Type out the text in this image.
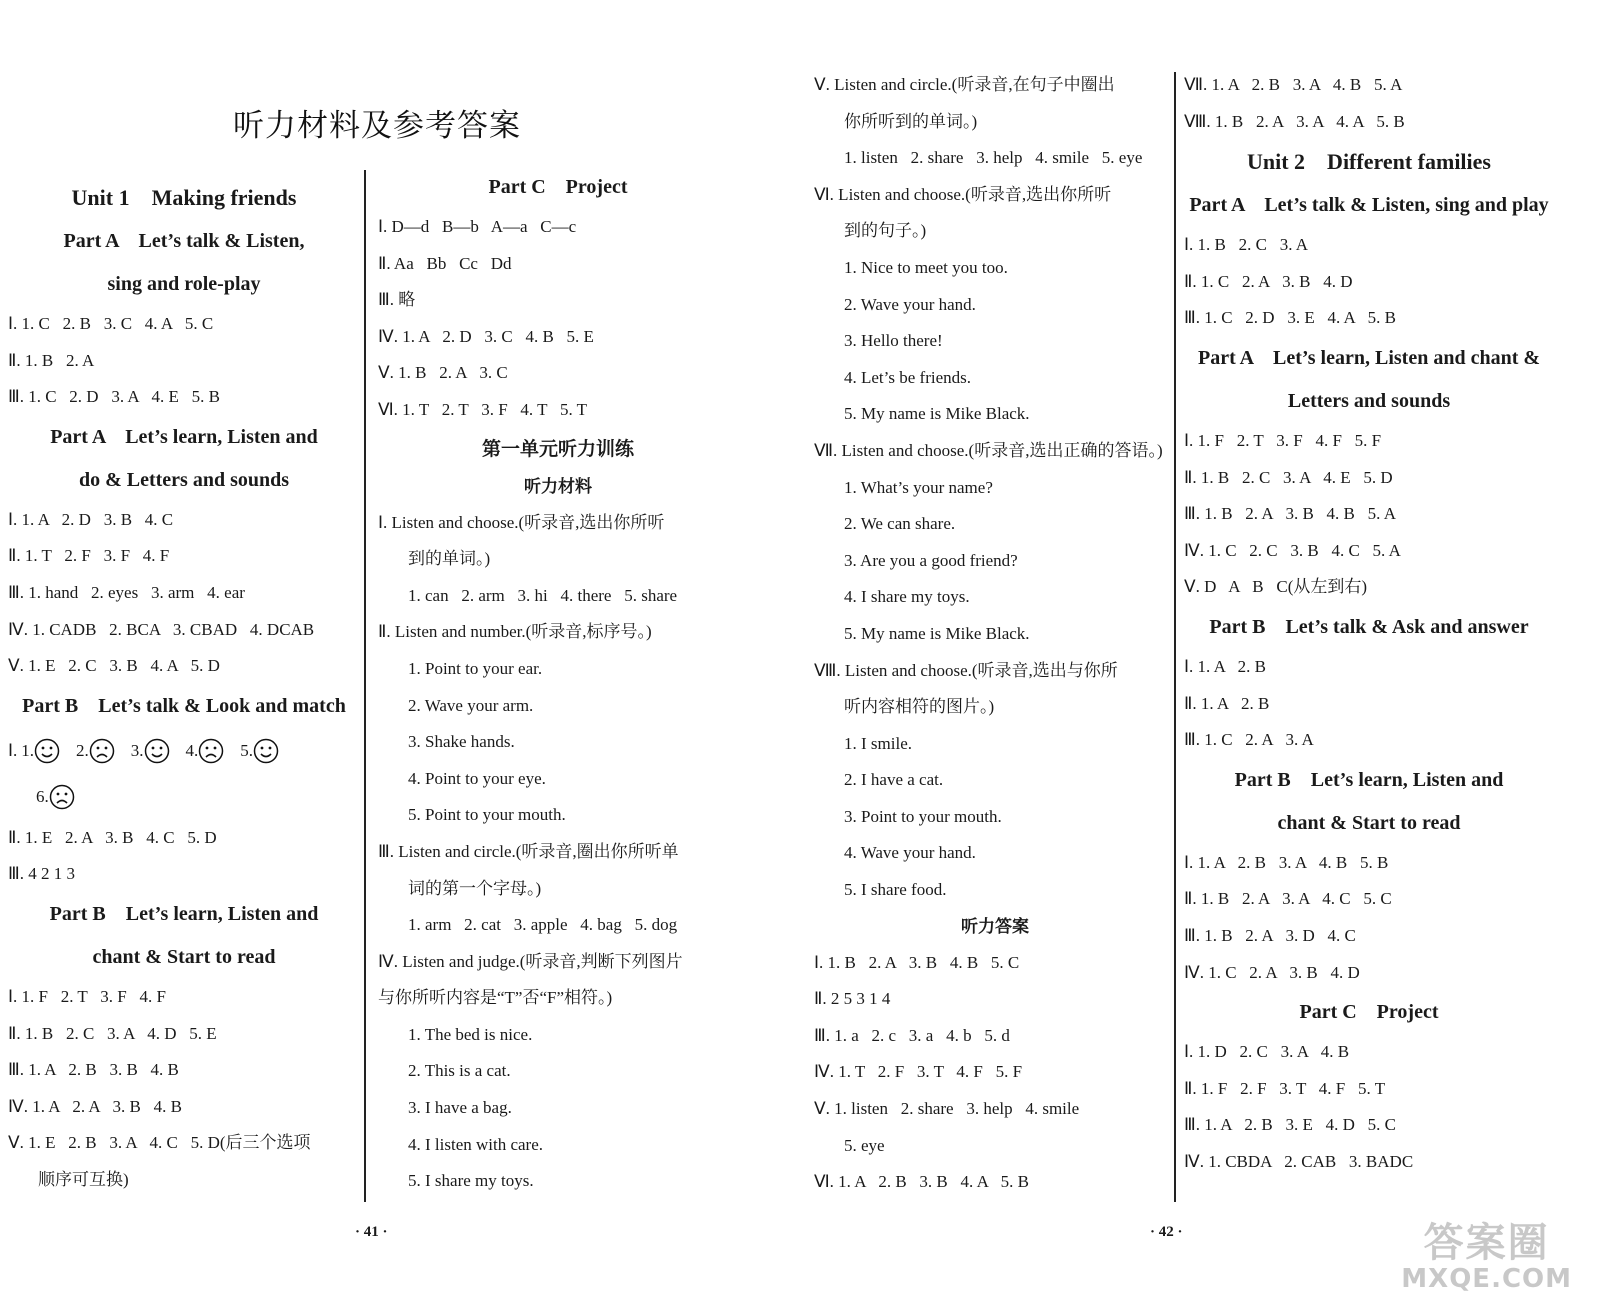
听力材料及参考答案
Unit 1    Making friends
Part A    Let’s talk & Listen,
sing and role-play
Ⅰ. 1. C   2. B   3. C   4. A   5. C
Ⅱ. 1. B   2. A
Ⅲ. 1. C   2. D   3. A   4. E   5. B
Part A    Let’s learn, Listen and
do & Letters and sounds
Ⅰ. 1. A   2. D   3. B   4. C
Ⅱ. 1. T   2. F   3. F   4. F
Ⅲ. 1. hand   2. eyes   3. arm   4. ear
Ⅳ. 1. CADB   2. BCA   3. CBAD   4. DCAB
Ⅴ. 1. E   2. C   3. B   4. A   5. D
Part B    Let’s talk & Look and match
Ⅰ. 1. 2. 3. 4. 5.
6.
Ⅱ. 1. E   2. A   3. B   4. C   5. D
Ⅲ. 4 2 1 3
Part B    Let’s learn, Listen and
chant & Start to read
Ⅰ. 1. F   2. T   3. F   4. F
Ⅱ. 1. B   2. C   3. A   4. D   5. E
Ⅲ. 1. A   2. B   3. B   4. B
Ⅳ. 1. A   2. A   3. B   4. B
Ⅴ. 1. E   2. B   3. A   4. C   5. D(后三个选项
顺序可互换)
Part C    Project
Ⅰ. D—d   B—b   A—a   C—c
Ⅱ. Aa   Bb   Cc   Dd
Ⅲ. 略
Ⅳ. 1. A   2. D   3. C   4. B   5. E
Ⅴ. 1. B   2. A   3. C
Ⅵ. 1. T   2. T   3. F   4. T   5. T
第一单元听力训练
听力材料
Ⅰ. Listen and choose.(听录音,选出你所听
到的单词。)
1. can   2. arm   3. hi   4. there   5. share
Ⅱ. Listen and number.(听录音,标序号。)
1. Point to your ear.
2. Wave your arm.
3. Shake hands.
4. Point to your eye.
5. Point to your mouth.
Ⅲ. Listen and circle.(听录音,圈出你所听单
词的第一个字母。)
1. arm   2. cat   3. apple   4. bag   5. dog
Ⅳ. Listen and judge.(听录音,判断下列图片
与你所听内容是“T”否“F”相符。)
1. The bed is nice.
2. This is a cat.
3. I have a bag.
4. I listen with care.
5. I share my toys.
· 41 ·
Ⅴ. Listen and circle.(听录音,在句子中圈出
你所听到的单词。)
1. listen   2. share   3. help   4. smile   5. eye
Ⅵ. Listen and choose.(听录音,选出你所听
到的句子。)
1. Nice to meet you too.
2. Wave your hand.
3. Hello there!
4. Let’s be friends.
5. My name is Mike Black.
Ⅶ. Listen and choose.(听录音,选出正确的答语。)
1. What’s your name?
2. We can share.
3. Are you a good friend?
4. I share my toys.
5. My name is Mike Black.
Ⅷ. Listen and choose.(听录音,选出与你所
听内容相符的图片。)
1. I smile.
2. I have a cat.
3. Point to your mouth.
4. Wave your hand.
5. I share food.
听力答案
Ⅰ. 1. B   2. A   3. B   4. B   5. C
Ⅱ. 2 5 3 1 4
Ⅲ. 1. a   2. c   3. a   4. b   5. d
Ⅳ. 1. T   2. F   3. T   4. F   5. F
Ⅴ. 1. listen   2. share   3. help   4. smile
5. eye
Ⅵ. 1. A   2. B   3. B   4. A   5. B
Ⅶ. 1. A   2. B   3. A   4. B   5. A
Ⅷ. 1. B   2. A   3. A   4. A   5. B
Unit 2    Different families
Part A    Let’s talk & Listen, sing and play
Ⅰ. 1. B   2. C   3. A
Ⅱ. 1. C   2. A   3. B   4. D
Ⅲ. 1. C   2. D   3. E   4. A   5. B
Part A    Let’s learn, Listen and chant &
Letters and sounds
Ⅰ. 1. F   2. T   3. F   4. F   5. F
Ⅱ. 1. B   2. C   3. A   4. E   5. D
Ⅲ. 1. B   2. A   3. B   4. B   5. A
Ⅳ. 1. C   2. C   3. B   4. C   5. A
Ⅴ. D   A   B   C(从左到右)
Part B    Let’s talk & Ask and answer
Ⅰ. 1. A   2. B
Ⅱ. 1. A   2. B
Ⅲ. 1. C   2. A   3. A
Part B    Let’s learn, Listen and
chant & Start to read
Ⅰ. 1. A   2. B   3. A   4. B   5. B
Ⅱ. 1. B   2. A   3. A   4. C   5. C
Ⅲ. 1. B   2. A   3. D   4. C
Ⅳ. 1. C   2. A   3. B   4. D
Part C    Project
Ⅰ. 1. D   2. C   3. A   4. B
Ⅱ. 1. F   2. F   3. T   4. F   5. T
Ⅲ. 1. A   2. B   3. E   4. D   5. C
Ⅳ. 1. CBDA   2. CAB   3. BADC
· 42 ·	答案圈
MXQE.COM
